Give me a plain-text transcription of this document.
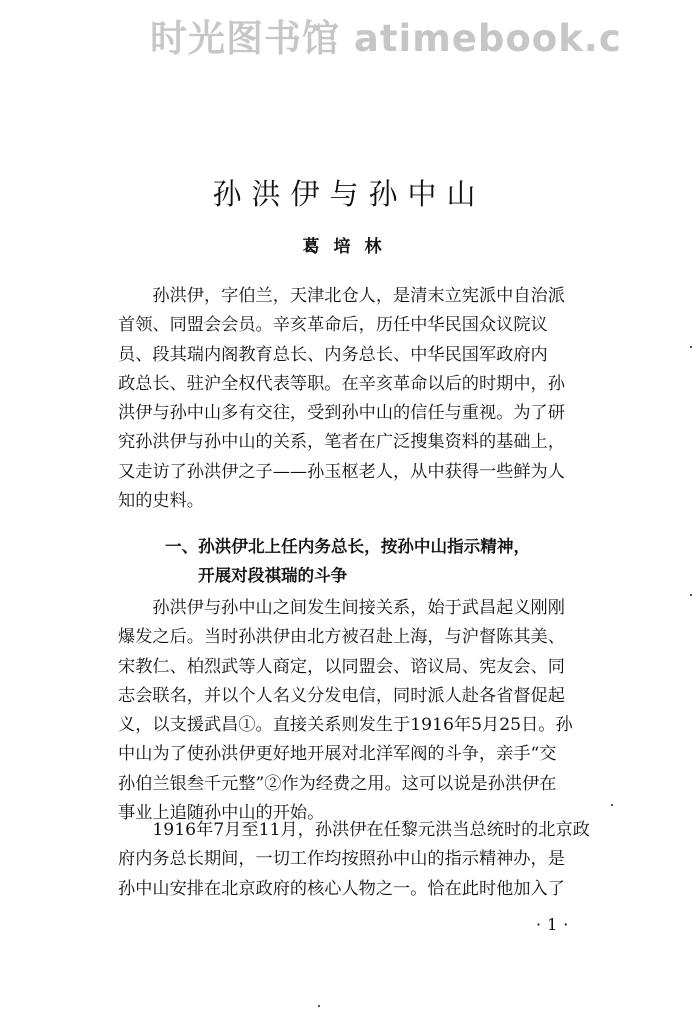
时光图书馆 atimebook.c
孙洪伊与孙中山
葛培林
　　孙洪伊，字伯兰，天津北仓人，是清末立宪派中自治派
首领、同盟会会员。辛亥革命后，历任中华民国众议院议
员、段其瑞内阁教育总长、内务总长、中华民国军政府内
政总长、驻沪全权代表等职。在辛亥革命以后的时期中，孙
洪伊与孙中山多有交往，受到孙中山的信任与重视。为了研
究孙洪伊与孙中山的关系，笔者在广泛搜集资料的基础上，
又走访了孙洪伊之子——孙玉枢老人，从中获得一些鲜为人
知的史料。
一、孙洪伊北上任内务总长，按孙中山指示精神，
开展对段祺瑞的斗争
　　孙洪伊与孙中山之间发生间接关系，始于武昌起义刚刚
爆发之后。当时孙洪伊由北方被召赴上海，与沪督陈其美、
宋教仁、柏烈武等人商定，以同盟会、谘议局、宪友会、同
志会联名，并以个人名义分发电信，同时派人赴各省督促起
义，以支援武昌①。直接关系则发生于1916年5月25日。孙
中山为了使孙洪伊更好地开展对北洋军阀的斗争，亲手“交
孙伯兰银叁千元整”②作为经费之用。这可以说是孙洪伊在
事业上追随孙中山的开始。
　　1916年7月至11月，孙洪伊在任黎元洪当总统时的北京政
府内务总长期间，一切工作均按照孙中山的指示精神办，是
孙中山安排在北京政府的核心人物之一。恰在此时他加入了
·1·
